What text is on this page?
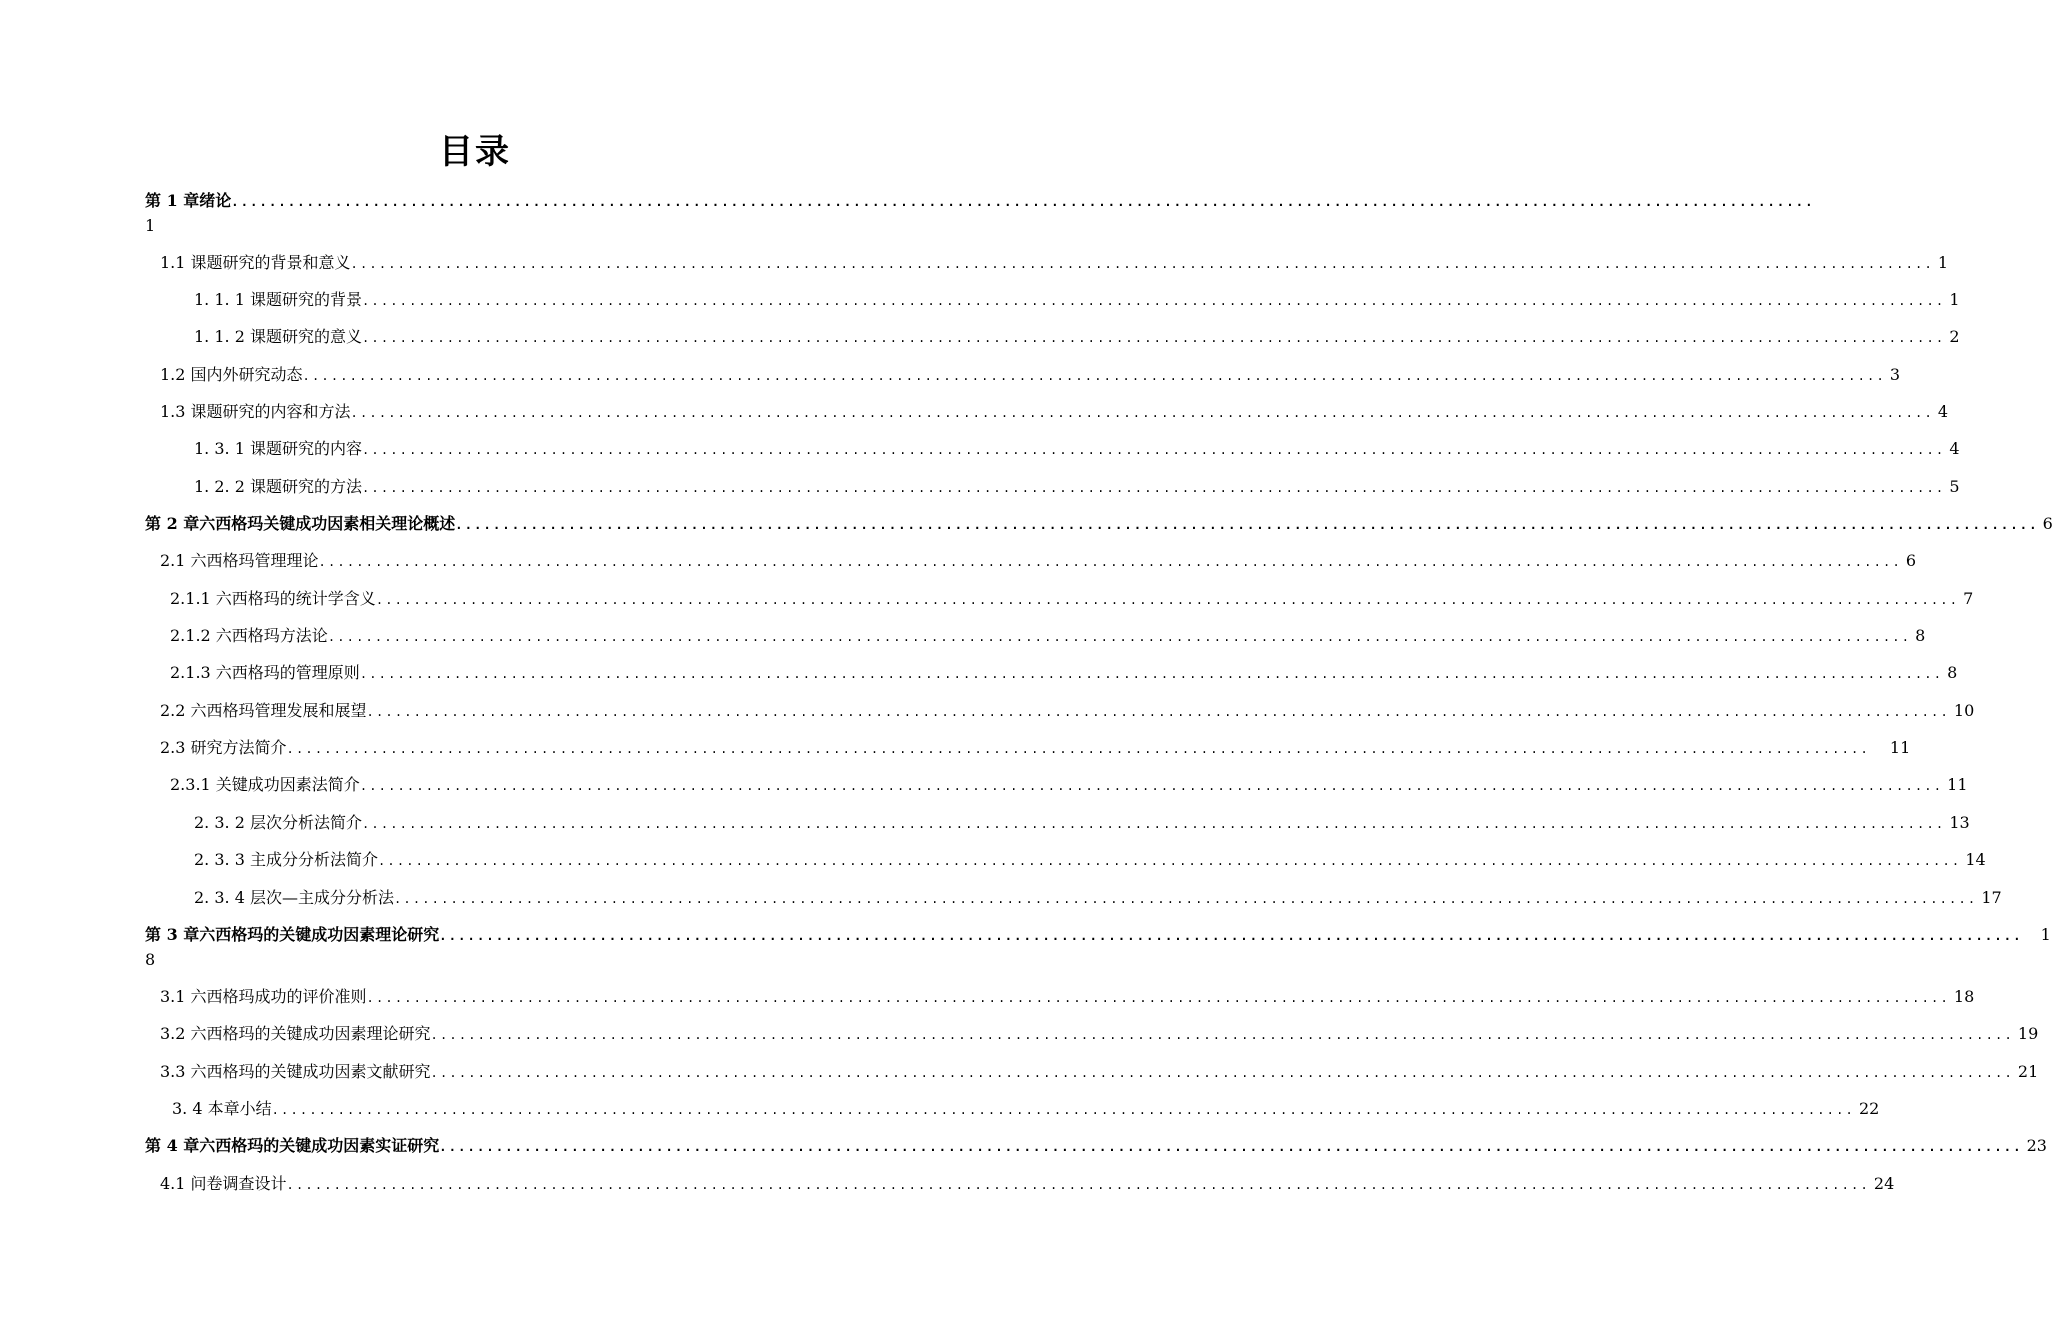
目录
第 1 章绪论 ........................................................................................................................................................................
1
1.1 课题研究的背景和意义 ........................................................................................................................................................................ 1
1. 1. 1 课题研究的背景 ........................................................................................................................................................................ 1
1. 1. 2 课题研究的意义 ........................................................................................................................................................................ 2
1.2 国内外研究动态 ........................................................................................................................................................................ 3
1.3 课题研究的内容和方法 ........................................................................................................................................................................ 4
1. 3. 1 课题研究的内容 ........................................................................................................................................................................ 4
1. 2. 2 课题研究的方法 ........................................................................................................................................................................ 5
第 2 章六西格玛关键成功因素相关理论概述 ........................................................................................................................................................................ 6
2.1 六西格玛管理理论 ........................................................................................................................................................................ 6
2.1.1 六西格玛的统计学含义 ........................................................................................................................................................................ 7
2.1.2 六西格玛方法论 ........................................................................................................................................................................ 8
2.1.3 六西格玛的管理原则 ........................................................................................................................................................................ 8
2.2 六西格玛管理发展和展望 ........................................................................................................................................................................ 10
2.3 研究方法简介 ........................................................................................................................................................................	11
2.3.1 关键成功因素法简介 ........................................................................................................................................................................ 11
2. 3. 2 层次分析法简介 ........................................................................................................................................................................ 13
2. 3. 3 主成分分析法简介 ........................................................................................................................................................................ 14
2. 3. 4 层次—主成分分析法 ........................................................................................................................................................................ 17
第 3 章六西格玛的关键成功因素理论研究 ........................................................................................................................................................................	1
8
3.1 六西格玛成功的评价准则 ........................................................................................................................................................................ 18
3.2 六西格玛的关键成功因素理论研究 ........................................................................................................................................................................ 19
3.3 六西格玛的关键成功因素文献研究 ........................................................................................................................................................................ 21
3. 4 本章小结 ........................................................................................................................................................................ 22
第 4 章六西格玛的关键成功因素实证研究 ........................................................................................................................................................................ 23
4.1 问卷调查设计 ........................................................................................................................................................................ 24
